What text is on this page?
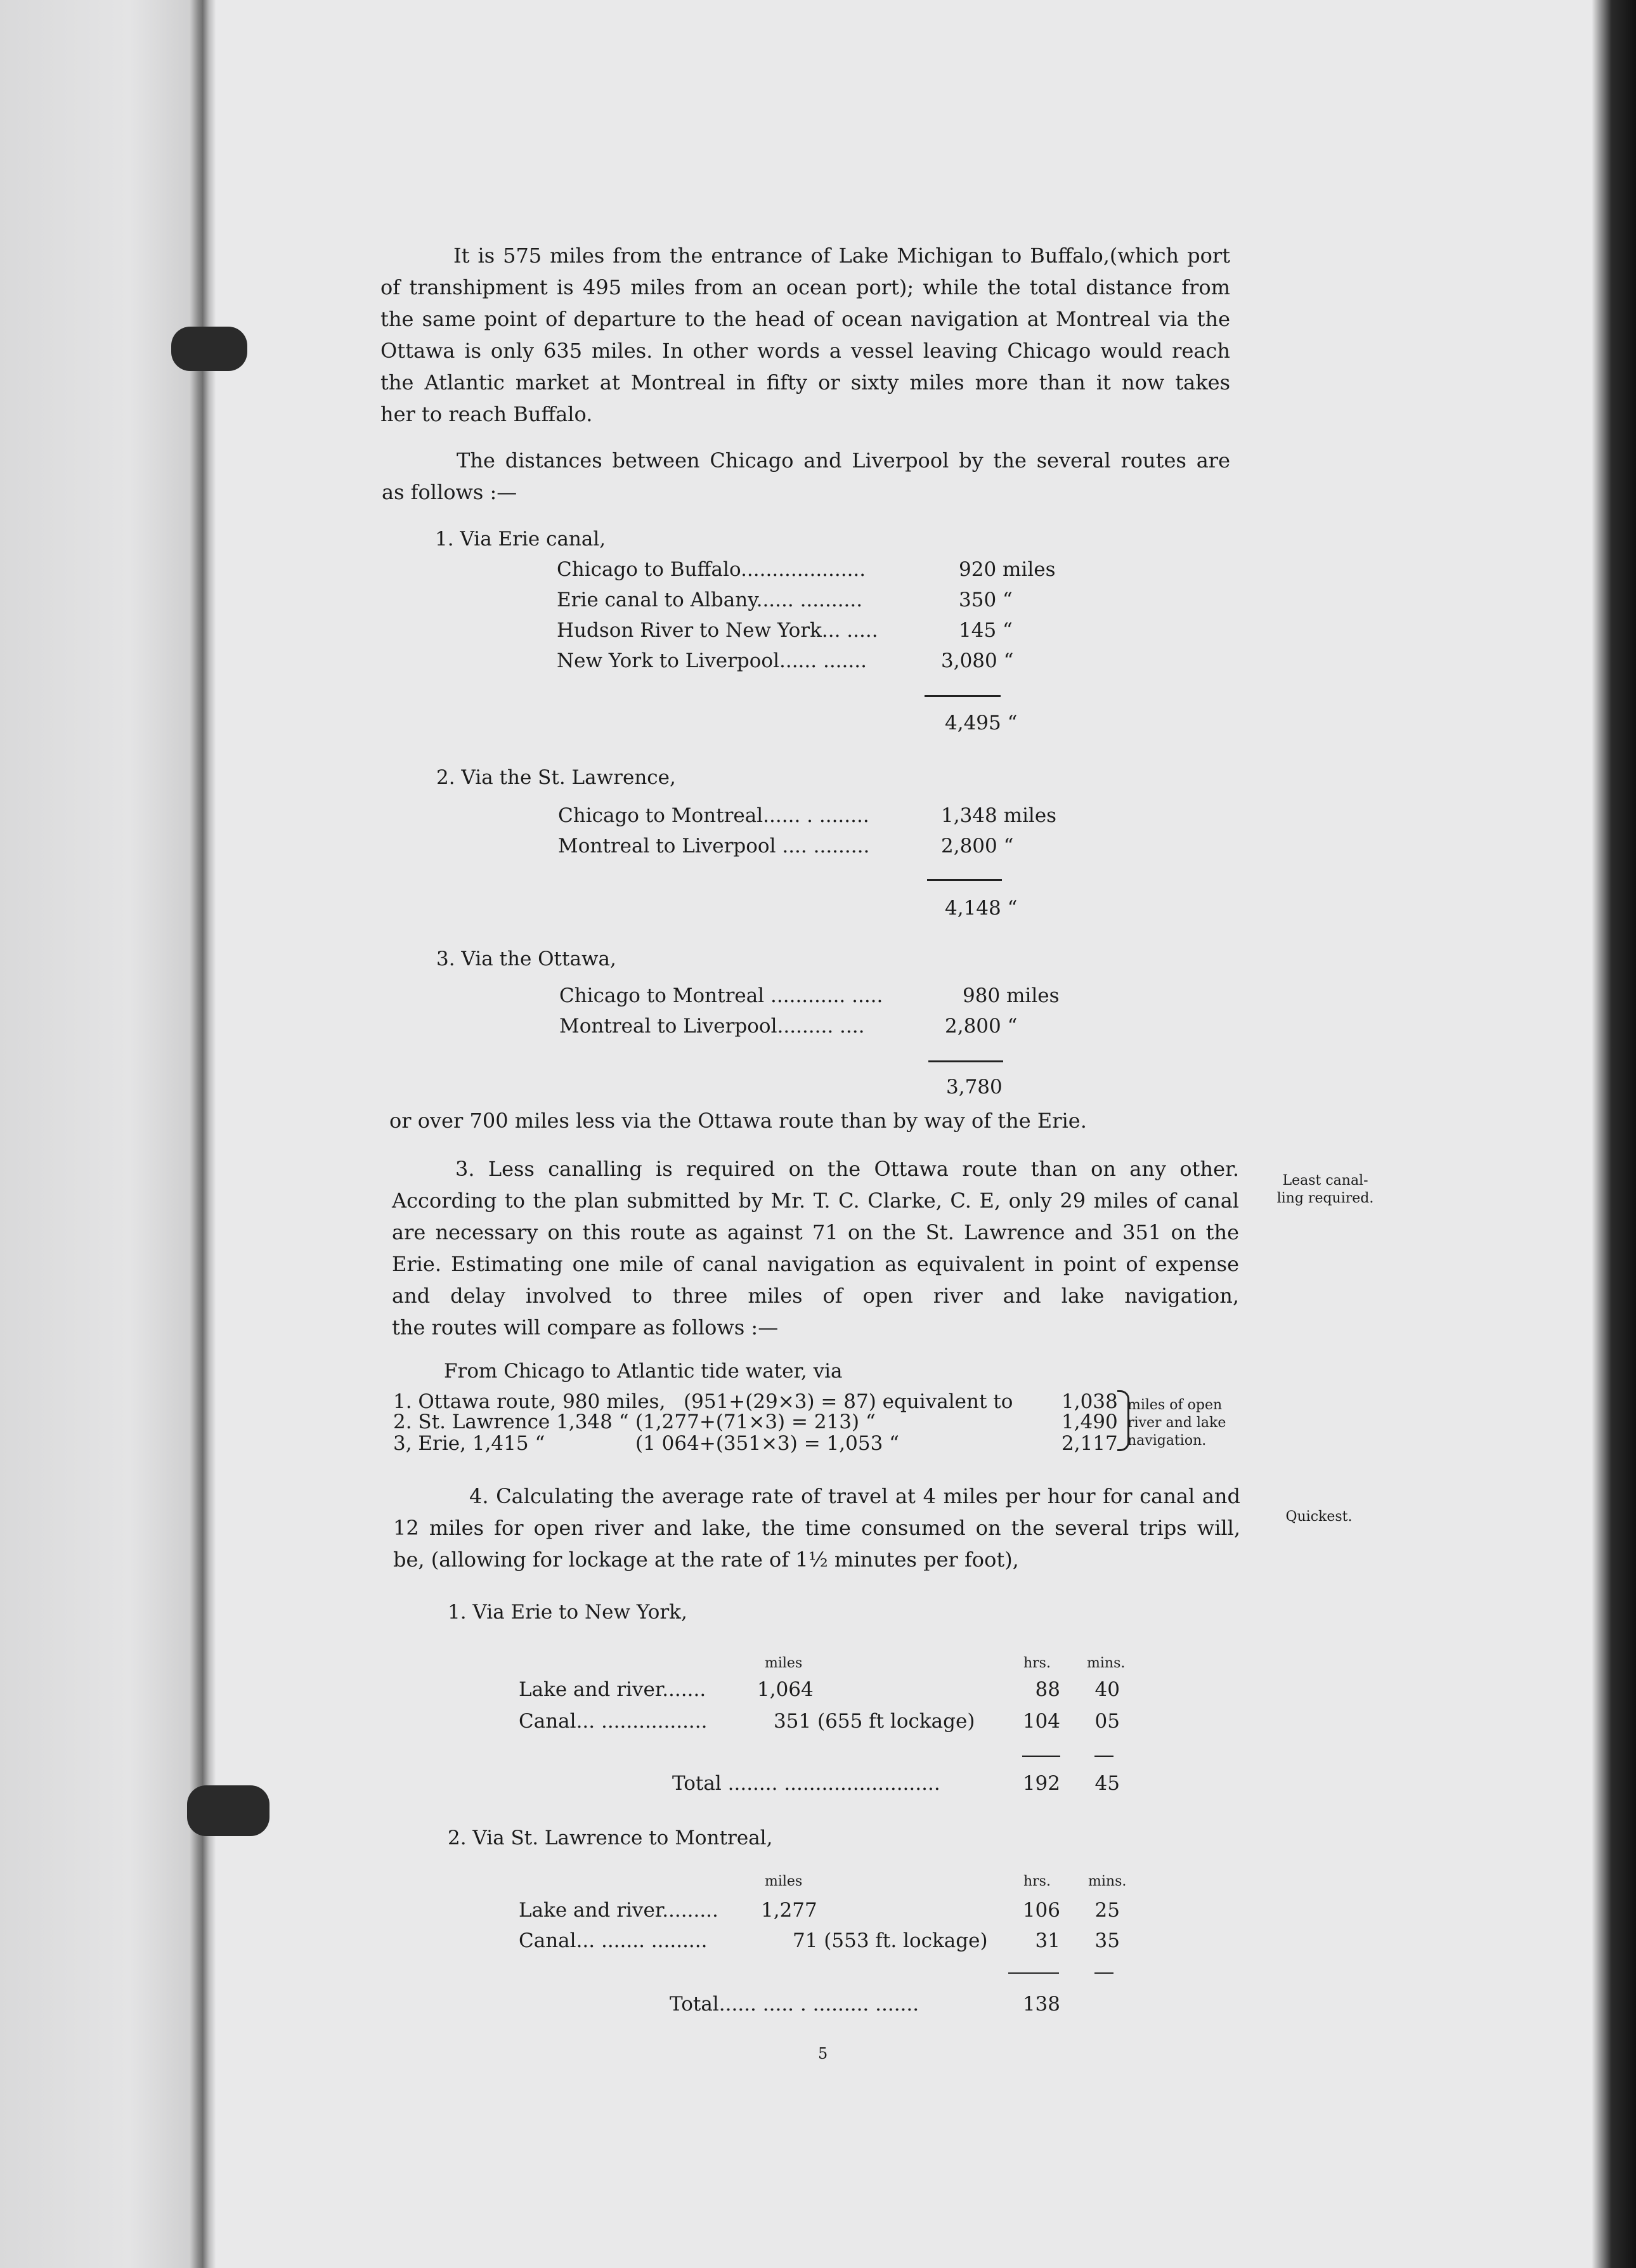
It is 575 miles from the entrance of Lake Michigan to Buffalo,(which port
of transhipment is 495 miles from an ocean port); while the total distance from
the same point of departure to the head of ocean navigation at Montreal via the
Ottawa is only 635 miles. In other words a vessel leaving Chicago would reach
the Atlantic market at Montreal in fifty or sixty miles more than it now takes
her to reach Buffalo.
The distances between Chicago and Liverpool by the several routes are
as follows :—
1. Via Erie canal,
Chicago to Buffalo....................	920 miles
Erie canal to Albany...... ..........	350 “
Hudson River to New York... .....	145 “
New York to Liverpool...... .......	3,080 “
4,495 “
2. Via the St. Lawrence,
Chicago to Montreal...... . ........	1,348 miles
Montreal to Liverpool .... .........	2,800 “
4,148 “
3. Via the Ottawa,
Chicago to Montreal ............ .....	980 miles
Montreal to Liverpool......... ....	2,800 “
3,780
or over 700 miles less via the Ottawa route than by way of the Erie.
3. Less canalling is required on the Ottawa route than on any other.
According to the plan submitted by Mr. T. C. Clarke, C. E, only 29 miles of canal
are necessary on this route as against 71 on the St. Lawrence and 351 on the
Erie. Estimating one mile of canal navigation as equivalent in point of expense
and delay involved to three miles of open river and lake navigation,
the routes will compare as follows :—
Least canal-
ling required.
From Chicago to Atlantic tide water, via
1. Ottawa route, 980 miles, (951+(29×3) = 87) equivalent to 1,038
2. St. Lawrence 1,348 “ (1,277+(71×3) = 213) “	1,490
3, Erie, 1,415 “	(1 064+(351×3) = 1,053 “	2,117
miles of open
river and lake
navigation.
4. Calculating the average rate of travel at 4 miles per hour for canal and
12 miles for open river and lake, the time consumed on the several trips will,
be, (allowing for lockage at the rate of 1½ minutes per foot),
Quickest.
1. Via Erie to New York,
miles	hrs.	mins.
Lake and river.......	1,064	88	40
Canal... .................	351 (655 ft lockage)	104	05
Total ........ .........................	192	45
2. Via St. Lawrence to Montreal,
miles	hrs.	mins.
Lake and river......... 1,277	106	25
Canal... ....... .........	71 (553 ft. lockage)	31	35
Total...... ..... . ......... .......	138
5
